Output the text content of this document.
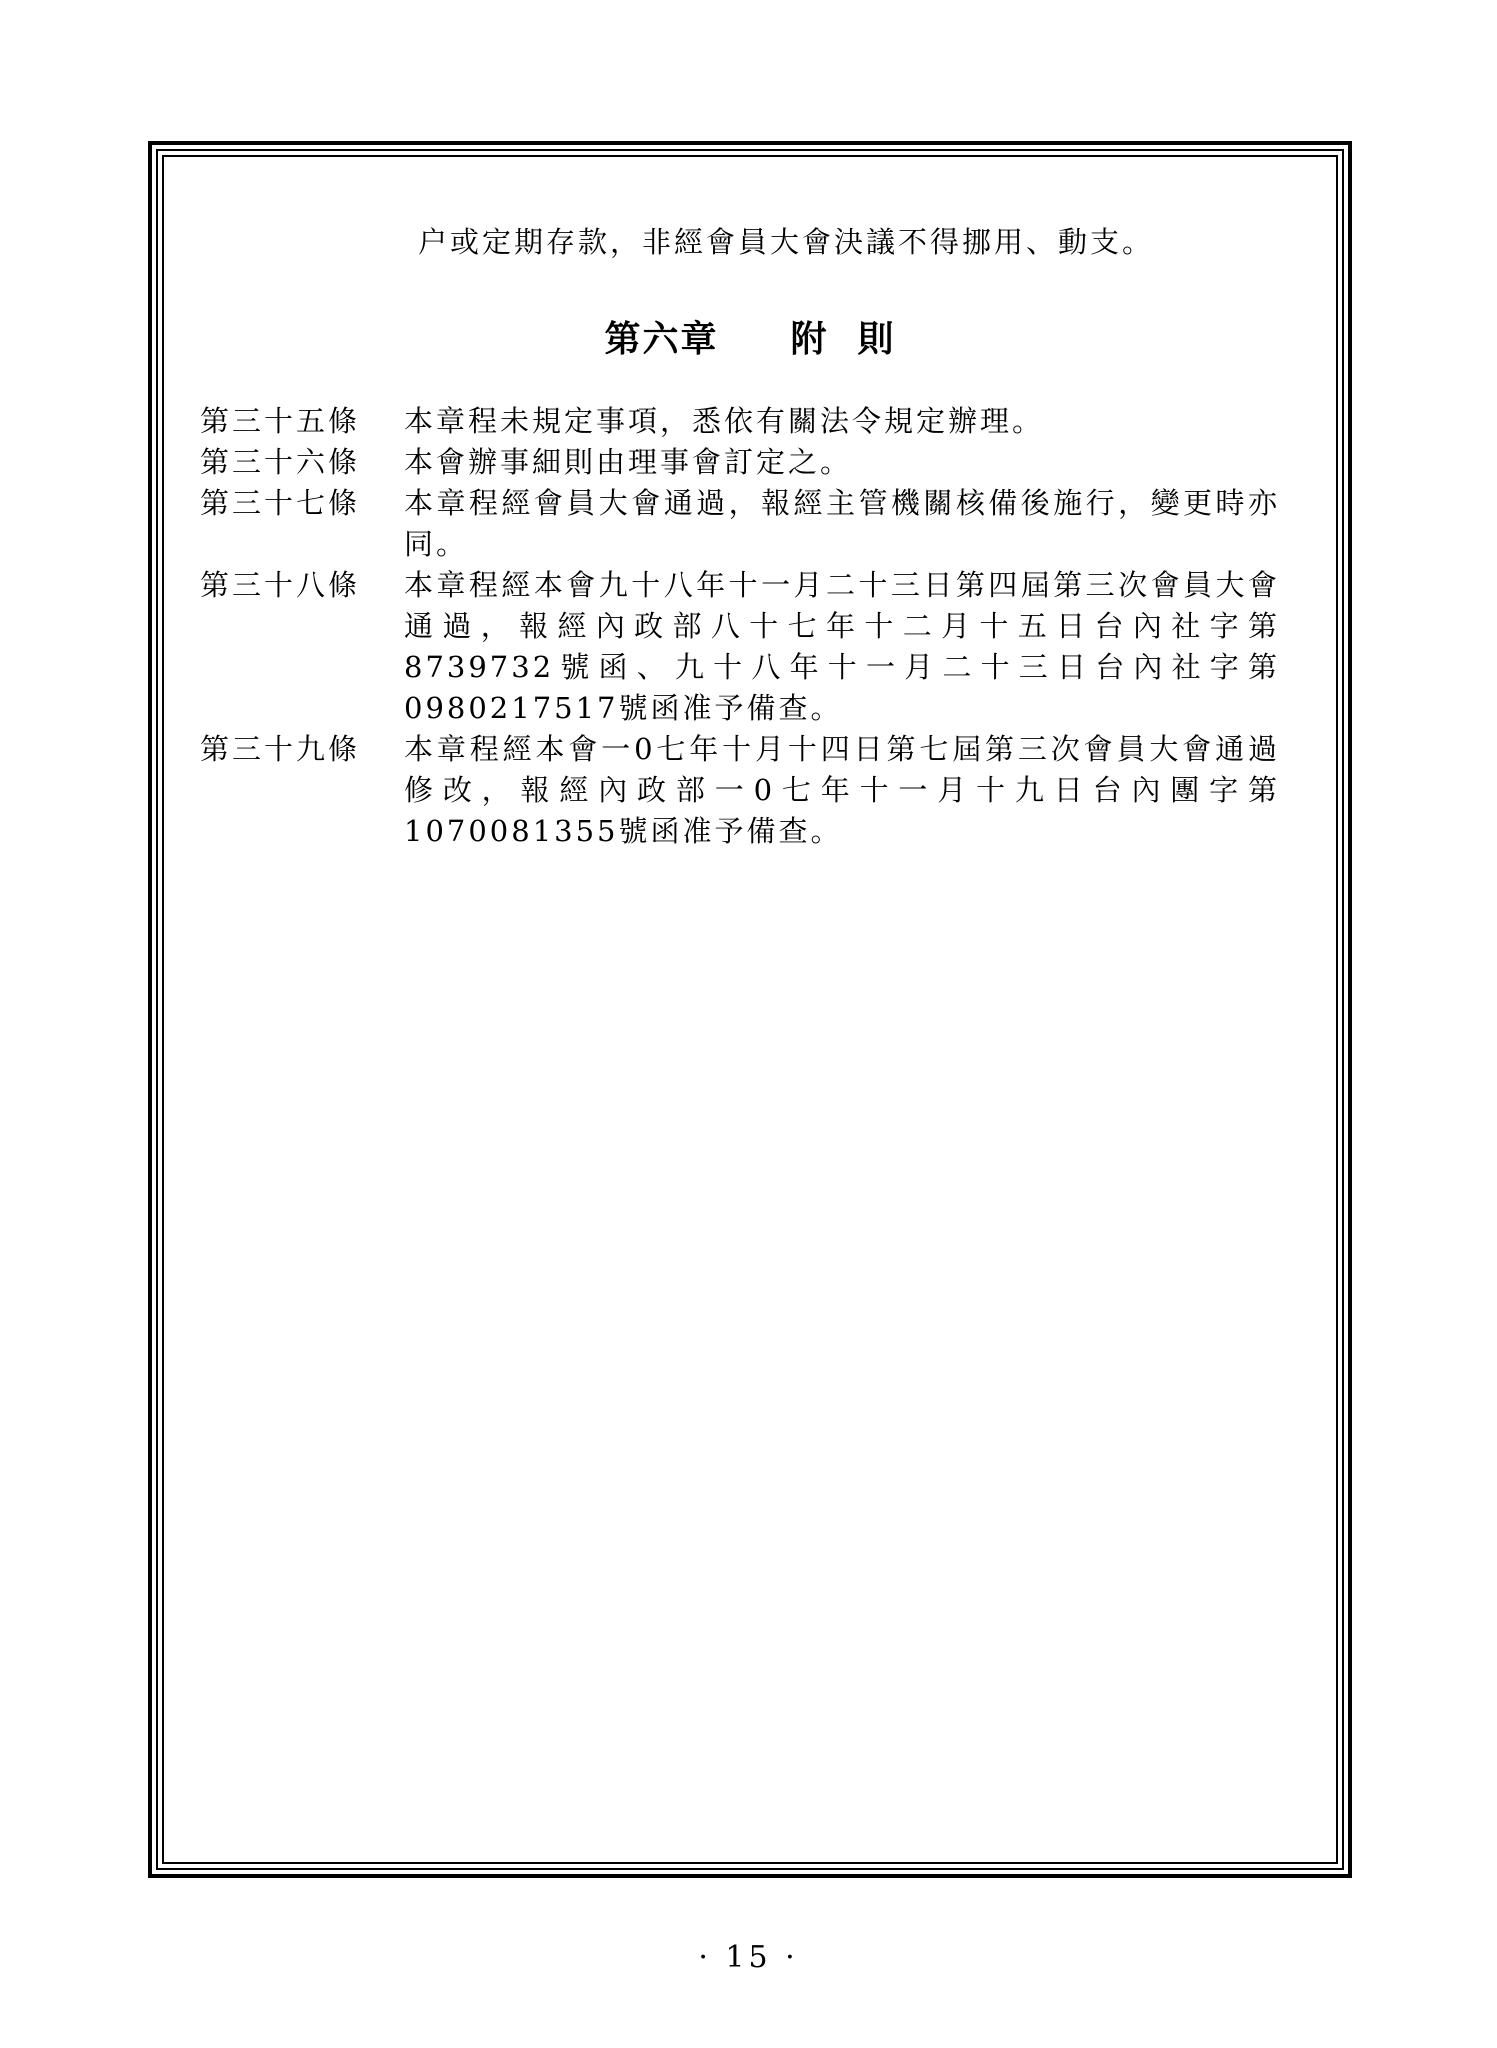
户或定期存款，非經會員大會決議不得挪用、動支。

第六章 附  則
第三十五條	本章程未規定事項，悉依有關法令規定辦理。
第三十六條	本會辦事細則由理事會訂定之。
第三十七條	本章程經會員大會通過，報經主管機關核備後施行，變更時亦同。
第三十八條	本章程經本會九十八年十一月二十三日第四屆第三次會員大會通過，報經內政部八十七年十二月十五日台內社字第8739732號函、九十八年十一月二十三日台內社字第0980217517號函准予備查。
第三十九條	本章程經本會一0七年十月十四日第七屆第三次會員大會通過修改，報經內政部一0七年十一月十九日台內團字第1070081355號函准予備查。
· 15 ·
